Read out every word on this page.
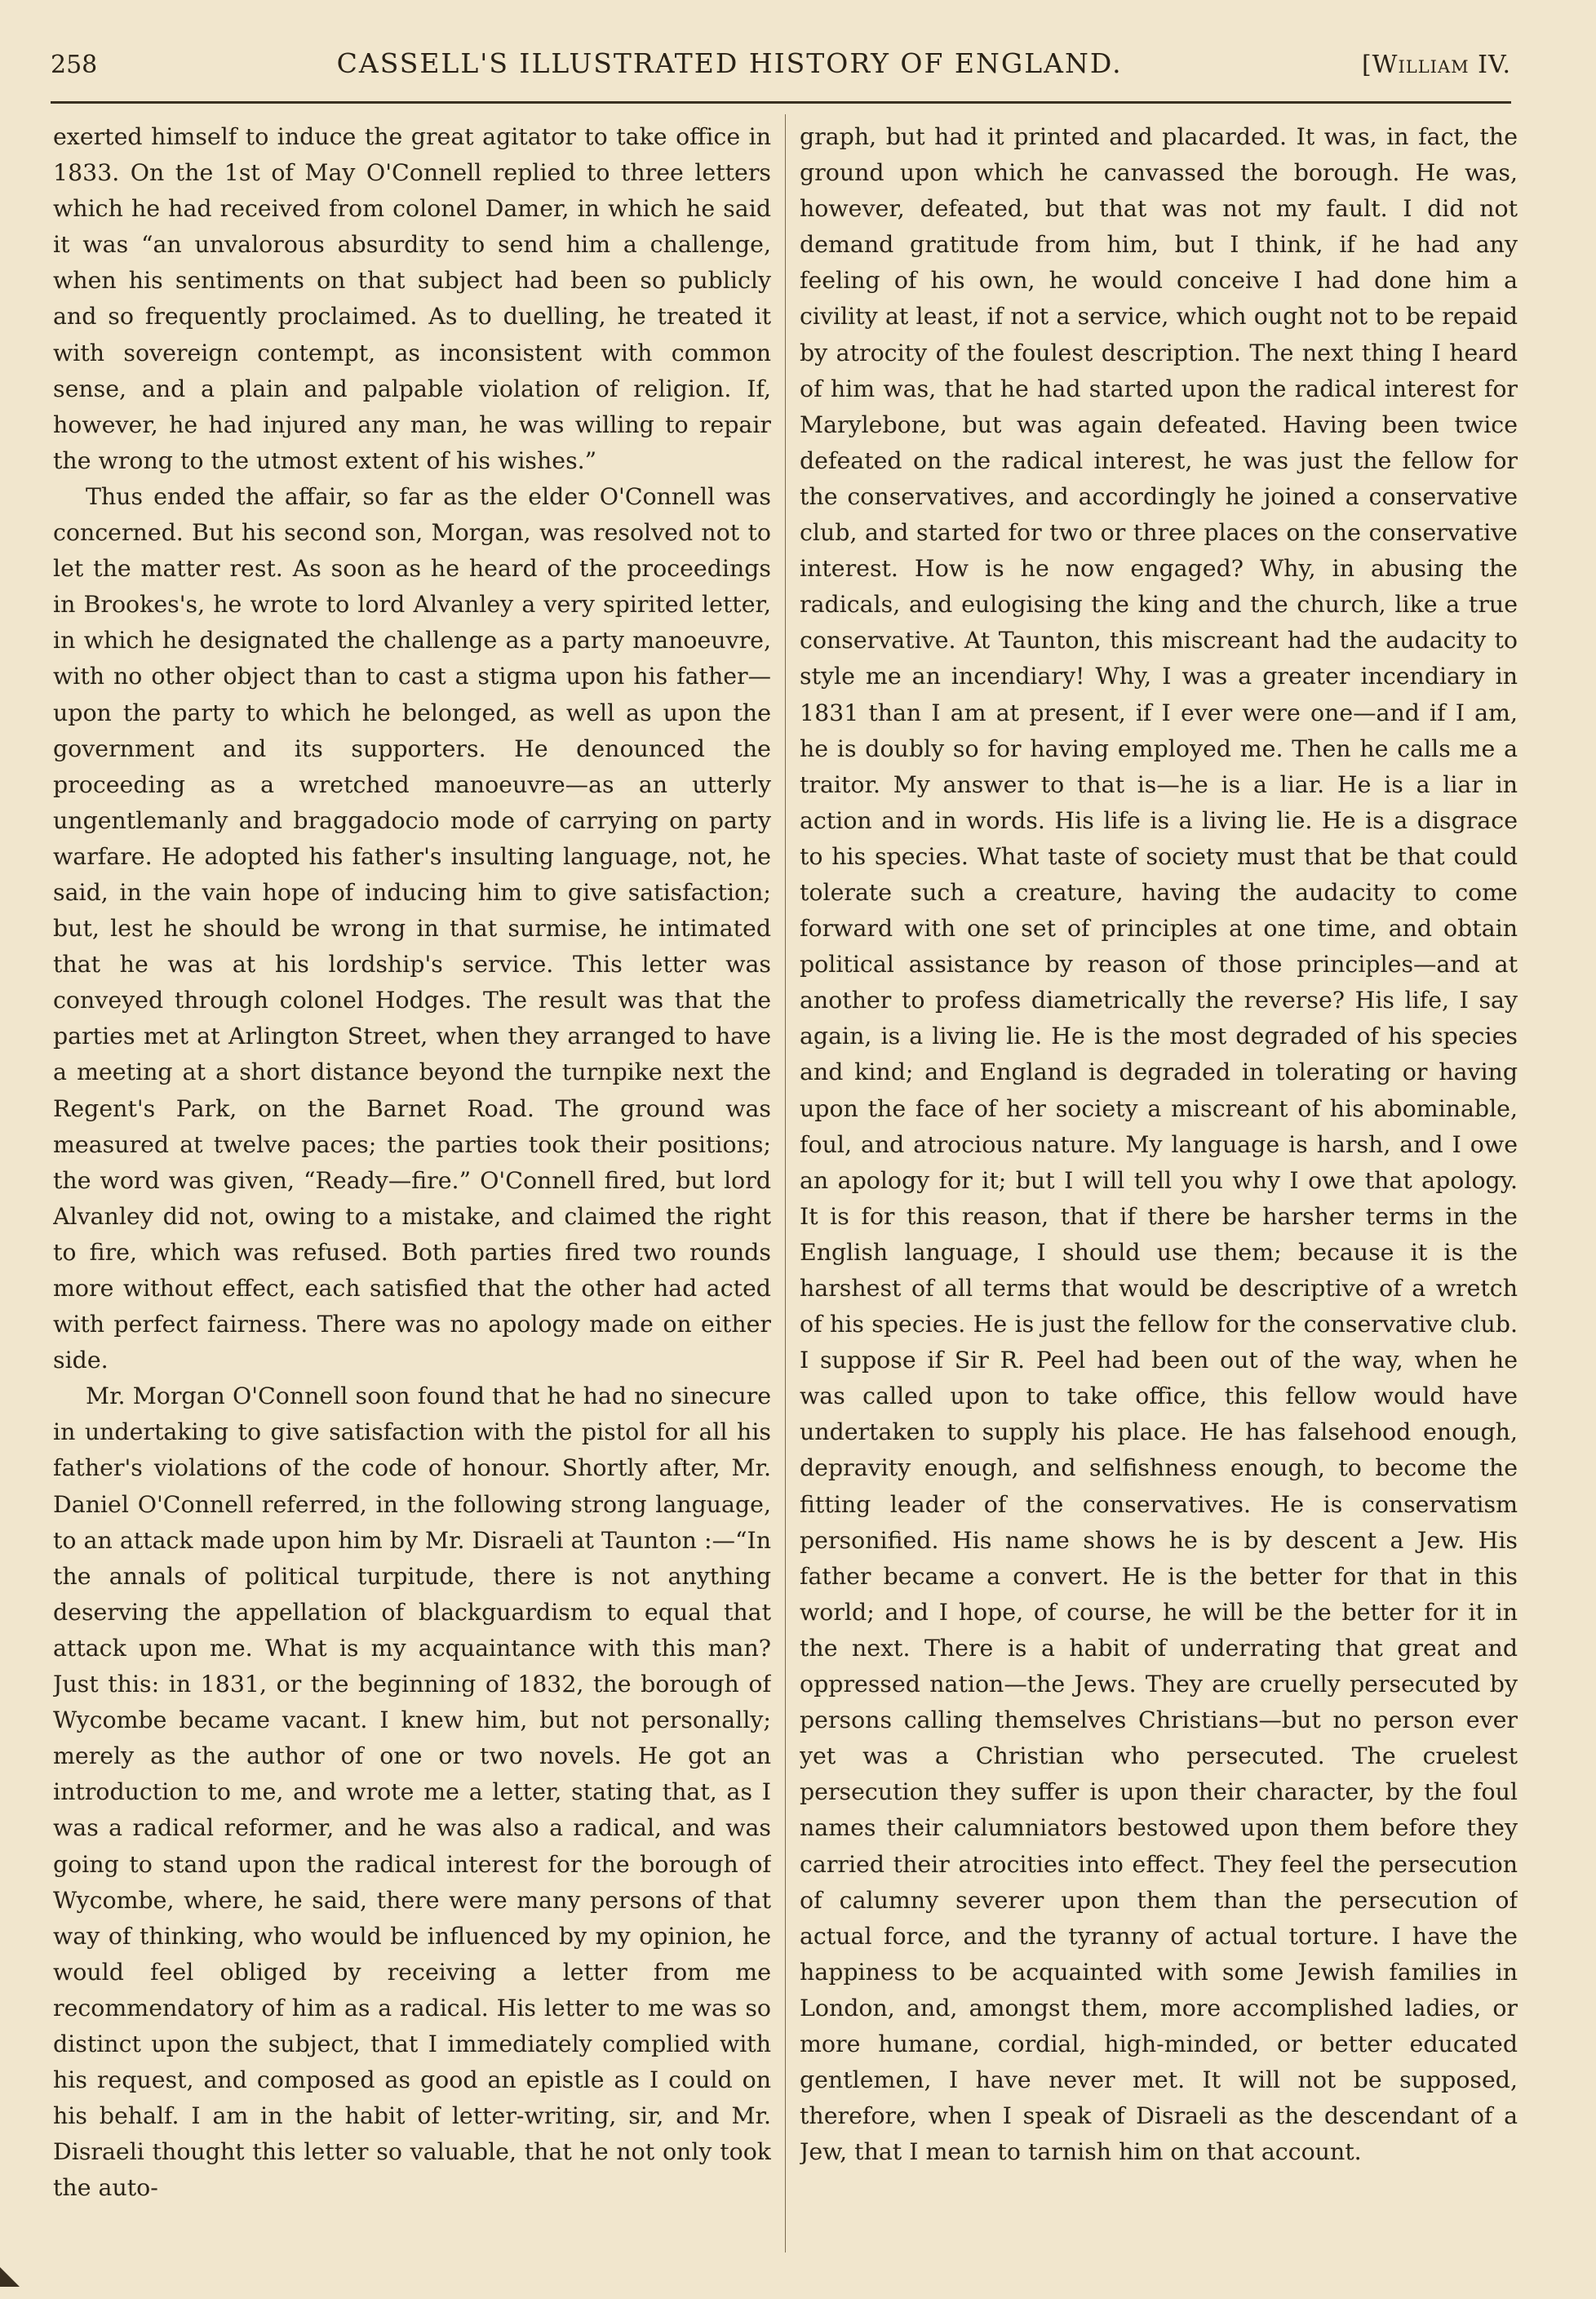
258	CASSELL'S ILLUSTRATED HISTORY OF ENGLAND.	[William IV.

exerted himself to induce the great agitator to take office in 1833. On the 1st of May O'Connell replied to three letters which he had received from colonel Damer, in which he said it was “an unvalorous absurdity to send him a challenge, when his sentiments on that subject had been so publicly and so frequently proclaimed. As to duelling, he treated it with sovereign contempt, as inconsistent with common sense, and a plain and palpable violation of religion. If, however, he had injured any man, he was willing to repair the wrong to the utmost extent of his wishes.”

Thus ended the affair, so far as the elder O'Connell was concerned. But his second son, Morgan, was resolved not to let the matter rest. As soon as he heard of the proceedings in Brookes's, he wrote to lord Alvanley a very spirited letter, in which he designated the challenge as a party manoeuvre, with no other object than to cast a stigma upon his father—upon the party to which he belonged, as well as upon the government and its supporters. He denounced the proceeding as a wretched manoeuvre—as an utterly ungentlemanly and braggadocio mode of carrying on party warfare. He adopted his father's insulting language, not, he said, in the vain hope of inducing him to give satisfaction; but, lest he should be wrong in that surmise, he intimated that he was at his lordship's service. This letter was conveyed through colonel Hodges. The result was that the parties met at Arlington Street, when they arranged to have a meeting at a short distance beyond the turnpike next the Regent's Park, on the Barnet Road. The ground was measured at twelve paces; the parties took their positions; the word was given, “Ready—fire.” O'Connell fired, but lord Alvanley did not, owing to a mistake, and claimed the right to fire, which was refused. Both parties fired two rounds more without effect, each satisfied that the other had acted with perfect fairness. There was no apology made on either side.

Mr. Morgan O'Connell soon found that he had no sinecure in undertaking to give satisfaction with the pistol for all his father's violations of the code of honour. Shortly after, Mr. Daniel O'Connell referred, in the following strong language, to an attack made upon him by Mr. Disraeli at Taunton :—“In the annals of political turpitude, there is not anything deserving the appellation of blackguardism to equal that attack upon me. What is my acquaintance with this man? Just this: in 1831, or the beginning of 1832, the borough of Wycombe became vacant. I knew him, but not personally; merely as the author of one or two novels. He got an introduction to me, and wrote me a letter, stating that, as I was a radical reformer, and he was also a radical, and was going to stand upon the radical interest for the borough of Wycombe, where, he said, there were many persons of that way of thinking, who would be influenced by my opinion, he would feel obliged by receiving a letter from me recommendatory of him as a radical. His letter to me was so distinct upon the subject, that I immediately complied with his request, and composed as good an epistle as I could on his behalf. I am in the habit of letter-writing, sir, and Mr. Disraeli thought this letter so valuable, that he not only took the auto-

graph, but had it printed and placarded. It was, in fact, the ground upon which he canvassed the borough. He was, however, defeated, but that was not my fault. I did not demand gratitude from him, but I think, if he had any feeling of his own, he would conceive I had done him a civility at least, if not a service, which ought not to be repaid by atrocity of the foulest description. The next thing I heard of him was, that he had started upon the radical interest for Marylebone, but was again defeated. Having been twice defeated on the radical interest, he was just the fellow for the conservatives, and accordingly he joined a conservative club, and started for two or three places on the conservative interest. How is he now engaged? Why, in abusing the radicals, and eulogising the king and the church, like a true conservative. At Taunton, this miscreant had the audacity to style me an incendiary! Why, I was a greater incendiary in 1831 than I am at present, if I ever were one—and if I am, he is doubly so for having employed me. Then he calls me a traitor. My answer to that is—he is a liar. He is a liar in action and in words. His life is a living lie. He is a disgrace to his species. What taste of society must that be that could tolerate such a creature, having the audacity to come forward with one set of principles at one time, and obtain political assistance by reason of those principles—and at another to profess diametrically the reverse? His life, I say again, is a living lie. He is the most degraded of his species and kind; and England is degraded in tolerating or having upon the face of her society a miscreant of his abominable, foul, and atrocious nature. My language is harsh, and I owe an apology for it; but I will tell you why I owe that apology. It is for this reason, that if there be harsher terms in the English language, I should use them; because it is the harshest of all terms that would be descriptive of a wretch of his species. He is just the fellow for the conservative club. I suppose if Sir R. Peel had been out of the way, when he was called upon to take office, this fellow would have undertaken to supply his place. He has falsehood enough, depravity enough, and selfishness enough, to become the fitting leader of the conservatives. He is conservatism personified. His name shows he is by descent a Jew. His father became a convert. He is the better for that in this world; and I hope, of course, he will be the better for it in the next. There is a habit of underrating that great and oppressed nation—the Jews. They are cruelly persecuted by persons calling themselves Christians—but no person ever yet was a Christian who persecuted. The cruelest persecution they suffer is upon their character, by the foul names their calumniators bestowed upon them before they carried their atrocities into effect. They feel the persecution of calumny severer upon them than the persecution of actual force, and the tyranny of actual torture. I have the happiness to be acquainted with some Jewish families in London, and, amongst them, more accomplished ladies, or more humane, cordial, high-minded, or better educated gentlemen, I have never met. It will not be supposed, therefore, when I speak of Disraeli as the descendant of a Jew, that I mean to tarnish him on that account.
